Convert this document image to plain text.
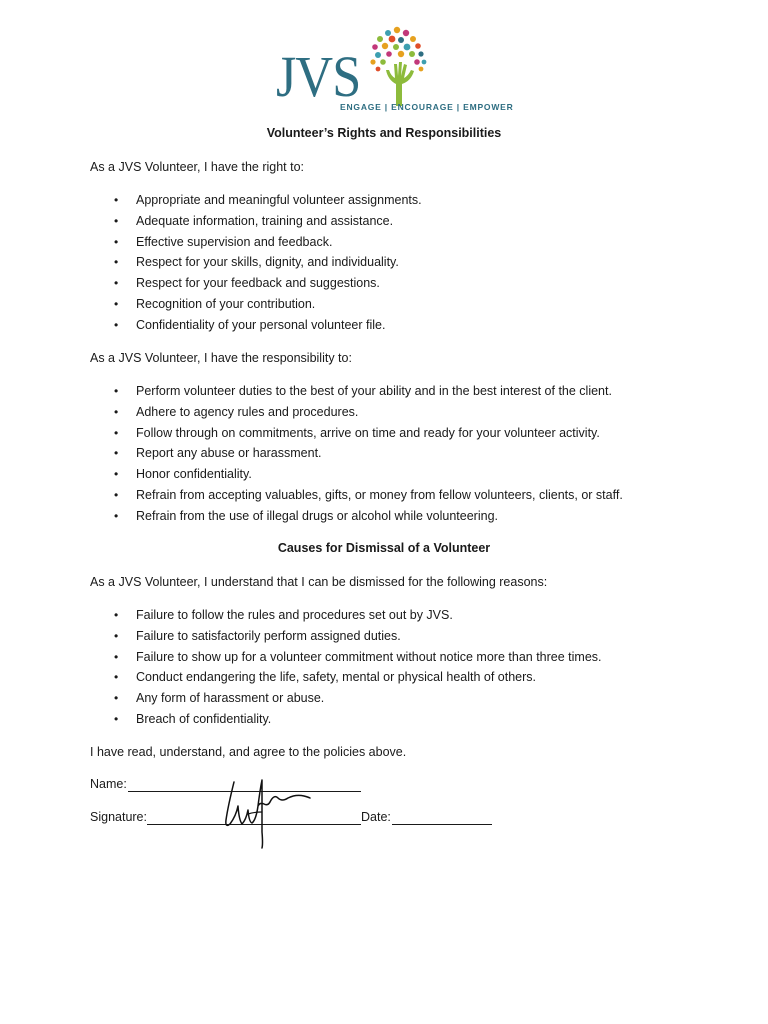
JVS
ENGAGE | ENCOURAGE | EMPOWER
Volunteer’s Rights and Responsibilities

As a JVS Volunteer, I have the right to:

• Appropriate and meaningful volunteer assignments.
• Adequate information, training and assistance.
• Effective supervision and feedback.
• Respect for your skills, dignity, and individuality.
• Respect for your feedback and suggestions.
• Recognition of your contribution.
• Confidentiality of your personal volunteer file.

As a JVS Volunteer, I have the responsibility to:

• Perform volunteer duties to the best of your ability and in the best interest of the client.
• Adhere to agency rules and procedures.
• Follow through on commitments, arrive on time and ready for your volunteer activity.
• Report any abuse or harassment.
• Honor confidentiality.
• Refrain from accepting valuables, gifts, or money from fellow volunteers, clients, or staff.
• Refrain from the use of illegal drugs or alcohol while volunteering.
Causes for Dismissal of a Volunteer

As a JVS Volunteer, I understand that I can be dismissed for the following reasons:

• Failure to follow the rules and procedures set out by JVS.
• Failure to satisfactorily perform assigned duties.
• Failure to show up for a volunteer commitment without notice more than three times.
• Conduct endangering the life, safety, mental or physical health of others.
• Any form of harassment or abuse.
• Breach of confidentiality.

I have read, understand, and agree to the policies above.

Name:
Signature:	Date:
